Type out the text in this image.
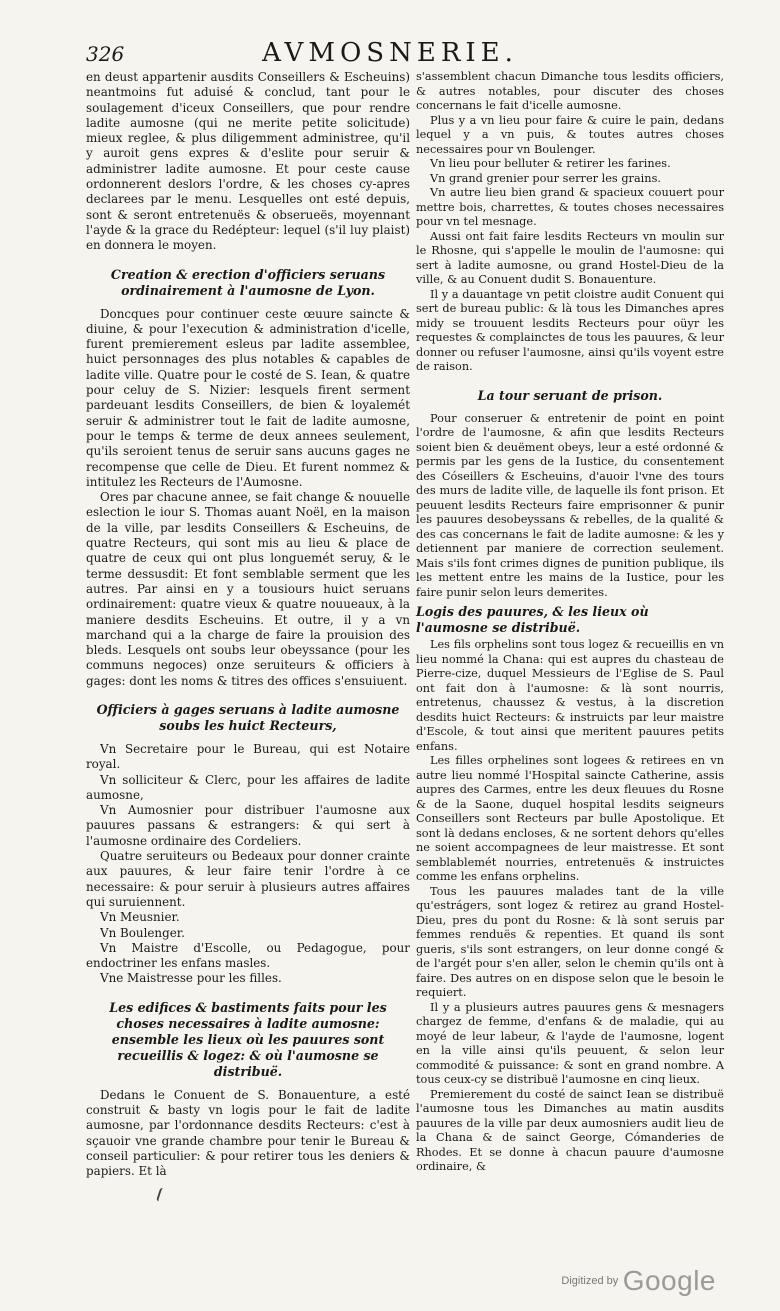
326	AVMOSNERIE.

en deust appartenir ausdits Conseillers & Escheuins) neantmoins fut aduisé & conclud, tant pour le soulagement d'iceux Conseillers, que pour rendre ladite aumosne (qui ne merite petite solicitude) mieux reglee, & plus diligemment administree, qu'il y auroit gens expres & d'eslite pour seruir & administrer ladite aumosne. Et pour ceste cause ordonnerent deslors l'ordre, & les choses cy-apres declarees par le menu. Lesquelles ont esté depuis, sont & seront entretenuës & obserueës, moyennant l'ayde & la grace du Redépteur: lequel (s'il luy plaist) en donnera le moyen.

Creation & erection d'officiers seruans ordinairement à l'aumosne de Lyon.

Doncques pour continuer ceste œuure saincte & diuine, & pour l'execution & administration d'icelle, furent premierement esleus par ladite assemblee, huict personnages des plus notables & capables de ladite ville. Quatre pour le costé de S. Iean, & quatre pour celuy de S. Nizier: lesquels firent serment pardeuant lesdits Conseillers, de bien & loyalemét seruir & administrer tout le fait de ladite aumosne, pour le temps & terme de deux annees seulement, qu'ils seroient tenus de seruir sans aucuns gages ne recompense que celle de Dieu. Et furent nommez & intitulez les Recteurs de l'Aumosne.

Ores par chacune annee, se fait change & nouuelle eslection le iour S. Thomas auant Noël, en la maison de la ville, par lesdits Conseillers & Escheuins, de quatre Recteurs, qui sont mis au lieu & place de quatre de ceux qui ont plus longuemét seruy, & le terme dessusdit: Et font semblable serment que les autres. Par ainsi en y a tousiours huict seruans ordinairement: quatre vieux & quatre nouueaux, à la maniere desdits Escheuins. Et outre, il y a vn marchand qui a la charge de faire la prouision des bleds. Lesquels ont soubs leur obeyssance (pour les communs negoces) onze seruiteurs & officiers à gages: dont les noms & titres des offices s'ensuiuent.

Officiers à gages seruans à ladite aumosne soubs les huict Recteurs,

Vn Secretaire pour le Bureau, qui est Notaire royal.

Vn solliciteur & Clerc, pour les affaires de ladite aumosne,

Vn Aumosnier pour distribuer l'aumosne aux pauures passans & estrangers: & qui sert à l'aumosne ordinaire des Cordeliers.

Quatre seruiteurs ou Bedeaux pour donner crainte aux pauures, & leur faire tenir l'ordre à ce necessaire: & pour seruir à plusieurs autres affaires qui suruiennent.

Vn Meusnier.

Vn Boulenger.

Vn Maistre d'Escolle, ou Pedagogue, pour endoctriner les enfans masles.

Vne Maistresse pour les filles.

Les edifices & bastiments faits pour les choses necessaires à ladite aumosne: ensemble les lieux où les pauures sont recueillis & logez: & où l'aumosne se distribuë.

Dedans le Conuent de S. Bonauenture, a esté construit & basty vn logis pour le fait de ladite aumosne, par l'ordonnance desdits Recteurs: c'est à sçauoir vne grande chambre pour tenir le Bureau & conseil particulier: & pour retirer tous les deniers & papiers. Et là

s'assemblent chacun Dimanche tous lesdits officiers, & autres notables, pour discuter des choses concernans le fait d'icelle aumosne.

Plus y a vn lieu pour faire & cuire le pain, dedans lequel y a vn puis, & toutes autres choses necessaires pour vn Boulenger.

Vn lieu pour belluter & retirer les farines.

Vn grand grenier pour serrer les grains.

Vn autre lieu bien grand & spacieux couuert pour mettre bois, charrettes, & toutes choses necessaires pour vn tel mesnage.

Aussi ont fait faire lesdits Recteurs vn moulin sur le Rhosne, qui s'appelle le moulin de l'aumosne: qui sert à ladite aumosne, ou grand Hostel-Dieu de la ville, & au Conuent dudit S. Bonauenture.

Il y a dauantage vn petit cloistre audit Conuent qui sert de bureau public: & là tous les Dimanches apres midy se trouuent lesdits Recteurs pour oüyr les requestes & complainctes de tous les pauures, & leur donner ou refuser l'aumosne, ainsi qu'ils voyent estre de raison.

La tour seruant de prison.

Pour conseruer & entretenir de point en point l'ordre de l'aumosne, & afin que lesdits Recteurs soient bien & deuëment obeys, leur a esté ordonné & permis par les gens de la Iustice, du consentement des Cóseillers & Escheuins, d'auoir l'vne des tours des murs de ladite ville, de laquelle ils font prison. Et peuuent lesdits Recteurs faire emprisonner & punir les pauures desobeyssans & rebelles, de la qualité & des cas concernans le fait de ladite aumosne: & les y detiennent par maniere de correction seulement. Mais s'ils font crimes dignes de punition publique, ils les mettent entre les mains de la Iustice, pour les faire punir selon leurs demerites.

Logis des pauures, & les lieux où l'aumosne se distribuë.

Les fils orphelins sont tous logez & recueillis en vn lieu nommé la Chana: qui est aupres du chasteau de Pierre-cize, duquel Messieurs de l'Eglise de S. Paul ont fait don à l'aumosne: & là sont nourris, entretenus, chaussez & vestus, à la discretion desdits huict Recteurs: & instruicts par leur maistre d'Escole, & tout ainsi que meritent pauures petits enfans.

Les filles orphelines sont logees & retirees en vn autre lieu nommé l'Hospital saincte Catherine, assis aupres des Carmes, entre les deux fleuues du Rosne & de la Saone, duquel hospital lesdits seigneurs Conseillers sont Recteurs par bulle Apostolique. Et sont là dedans encloses, & ne sortent dehors qu'elles ne soient accompagnees de leur maistresse. Et sont semblablemét nourries, entretenuës & instruictes comme les enfans orphelins.

Tous les pauures malades tant de la ville qu'estrágers, sont logez & retirez au grand Hostel-Dieu, pres du pont du Rosne: & là sont seruis par femmes renduës & repenties. Et quand ils sont gueris, s'ils sont estrangers, on leur donne congé & de l'argét pour s'en aller, selon le chemin qu'ils ont à faire. Des autres on en dispose selon que le besoin le requiert.

Il y a plusieurs autres pauures gens & mesnagers chargez de femme, d'enfans & de maladie, qui au moyé de leur labeur, & l'ayde de l'aumosne, logent en la ville ainsi qu'ils peuuent, & selon leur commodité & puissance: & sont en grand nombre. A tous ceux-cy se distribuë l'aumosne en cinq lieux.

Premierement du costé de sainct Iean se distribuë l'aumosne tous les Dimanches au matin ausdits pauures de la ville par deux aumosniers audit lieu de la Chana & de sainct George, Cómanderies de Rhodes. Et se donne à chacun pauure d'aumosne ordinaire, &

Digitized by Google
